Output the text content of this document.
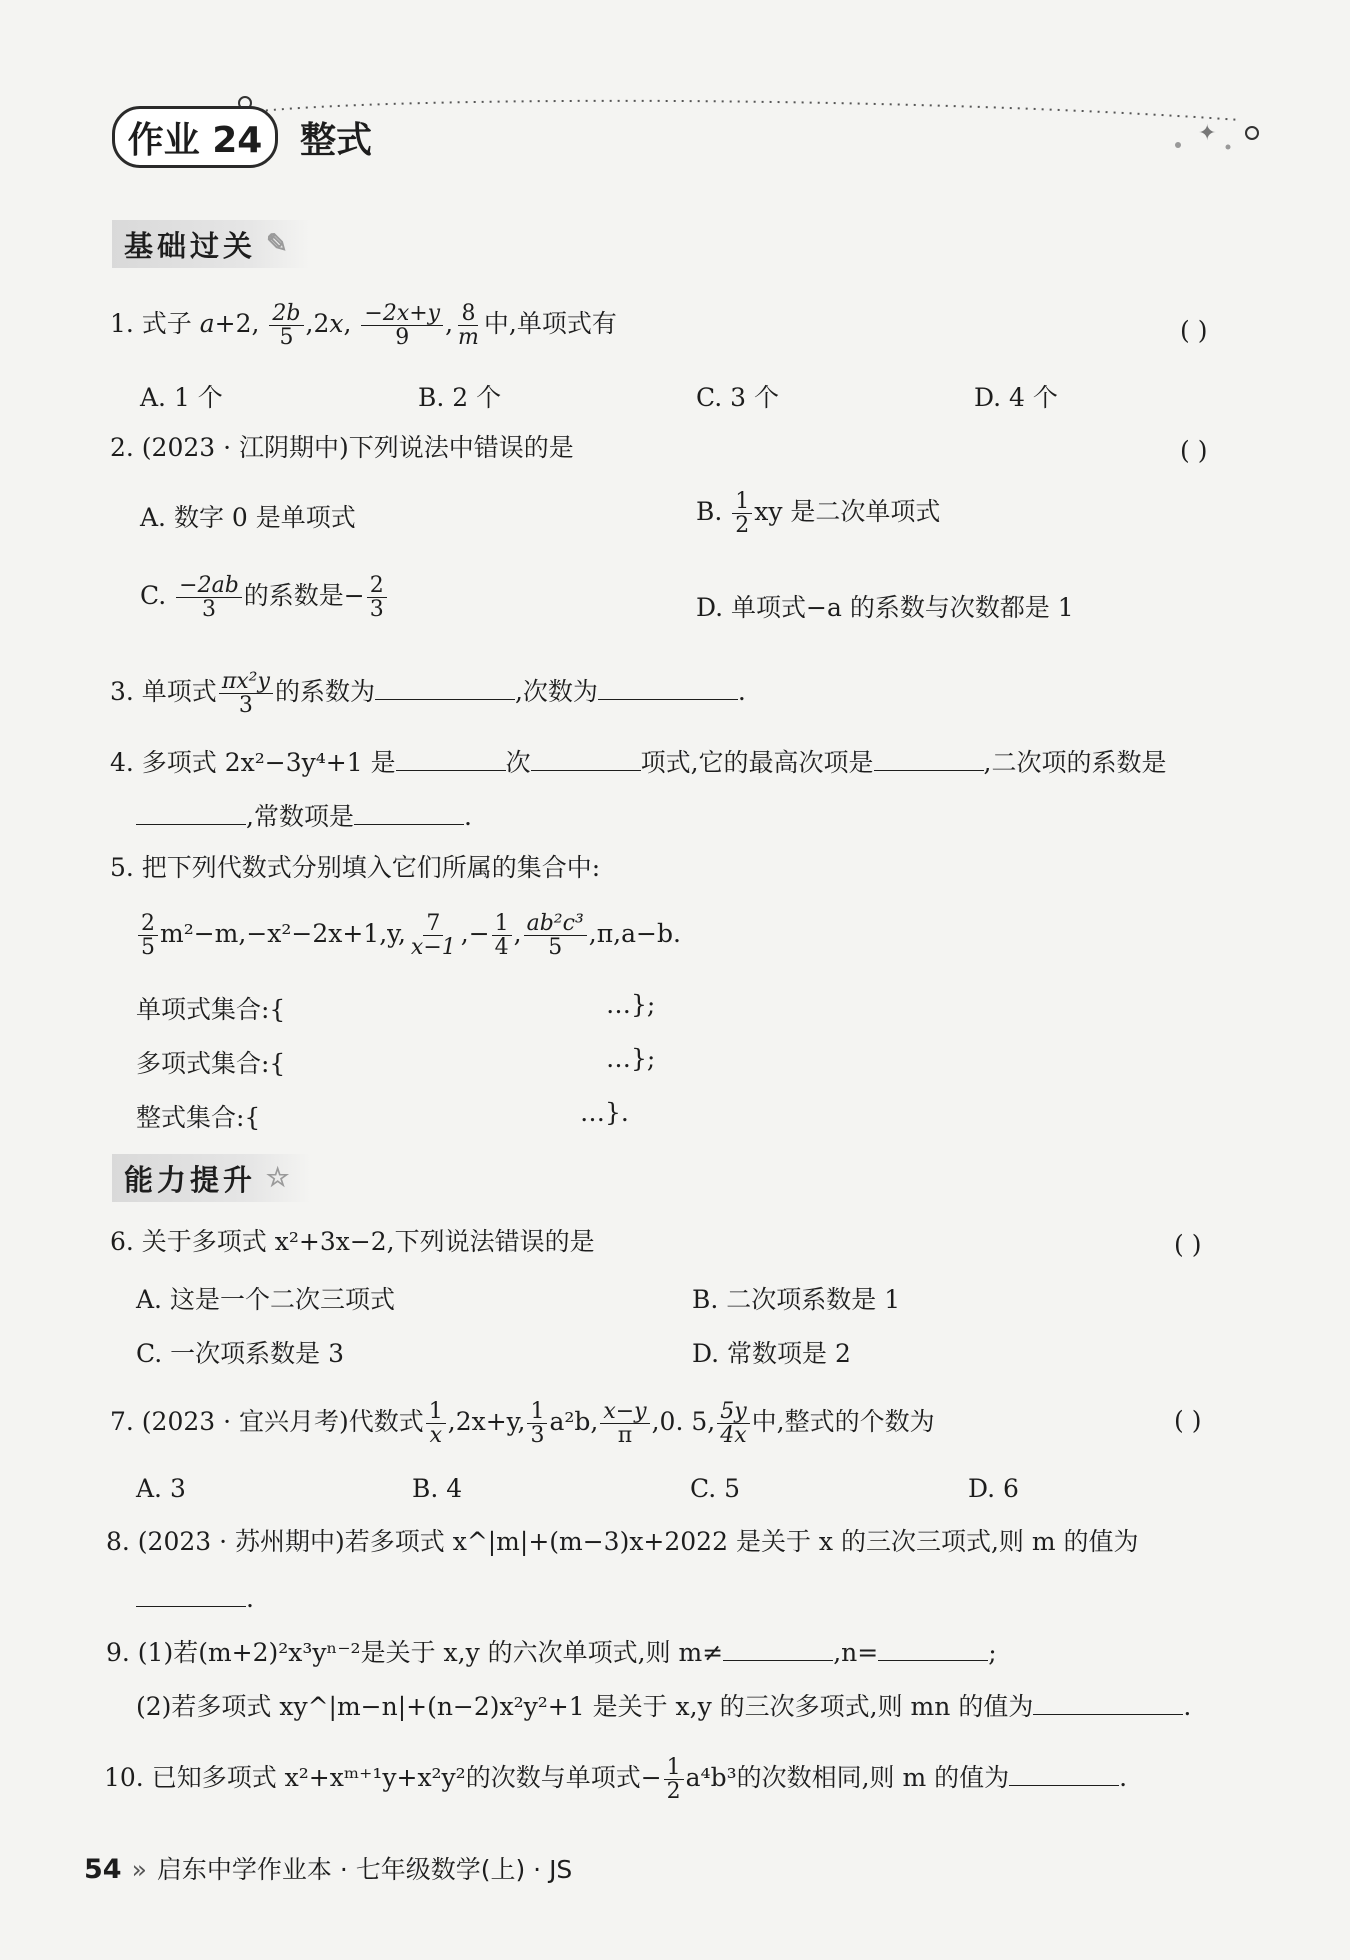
✦
作业 24	整式
基础过关 ✎
1. 式子 a+2, $\frac{2b}{5} ,2x$, $\frac{-2x+y}{9}$ , $\frac{8}{m}$ 中,单项式有	( )
A. 1 个	B. 2 个	C. 3 个	D. 4 个
2. (2023 · 江阴期中)下列说法中错误的是	( )
A. 数字 0 是单项式	B. $\frac{1}{2}$ xy 是二次单项式
C. $\frac{-2ab}{3}$ 的系数是− $\frac{2}{3}$	D. 单项式−a 的系数与次数都是 1
3. 单项式 $\frac{\text{πx²y}}{3}$ 的系数为	,次数为	.
4. 多项式 2x²−3y⁴+1 是	次	项式,它的最高次项是	,二次项的系数是
,常数项是	.
5. 把下列代数式分别填入它们所属的集合中:
$\frac{2}{5} m^2-m,-x^2-2x+1,y$, $\frac{7}{x-1}$ ,− $\frac{1}{4}$ , $\frac{\text{ab²c³}}{5} ,\pi,a-b$.
单项式集合:{	…};
多项式集合:{	…};
整式集合:{	…}.
能力提升 ☆
6. 关于多项式 x²+3x−2,下列说法错误的是	( )
A. 这是一个二次三项式	B. 二次项系数是 1
C. 一次项系数是 3	D. 常数项是 2
7. (2023 · 宜兴月考)代数式 $\frac{1}{x} ,2x+y$, $\frac{1}{3} a^2b$, $\frac{x-y}{\pi} ,0$. 5, $\frac{5y}{4x}$ 中,整式的个数为	( )
A. 3	B. 4	C. 5	D. 6
8. (2023 · 苏州期中)若多项式 x^|m|+(m−3)x+2022 是关于 x 的三次三项式,则 m 的值为
.
9. (1)若(m+2)²x³yⁿ⁻²是关于 x,y 的六次单项式,则 m≠	,n=	;
(2)若多项式 xy^|m−n|+(n−2)x²y²+1 是关于 x,y 的三次多项式,则 mn 的值为	.
10. 已知多项式 x²+xᵐ⁺¹y+x²y²的次数与单项式− $\frac{1}{2} a^4b^3$的次数相同,则 m 的值为	.
54 » 启东中学作业本 · 七年级数学(上) · JS
